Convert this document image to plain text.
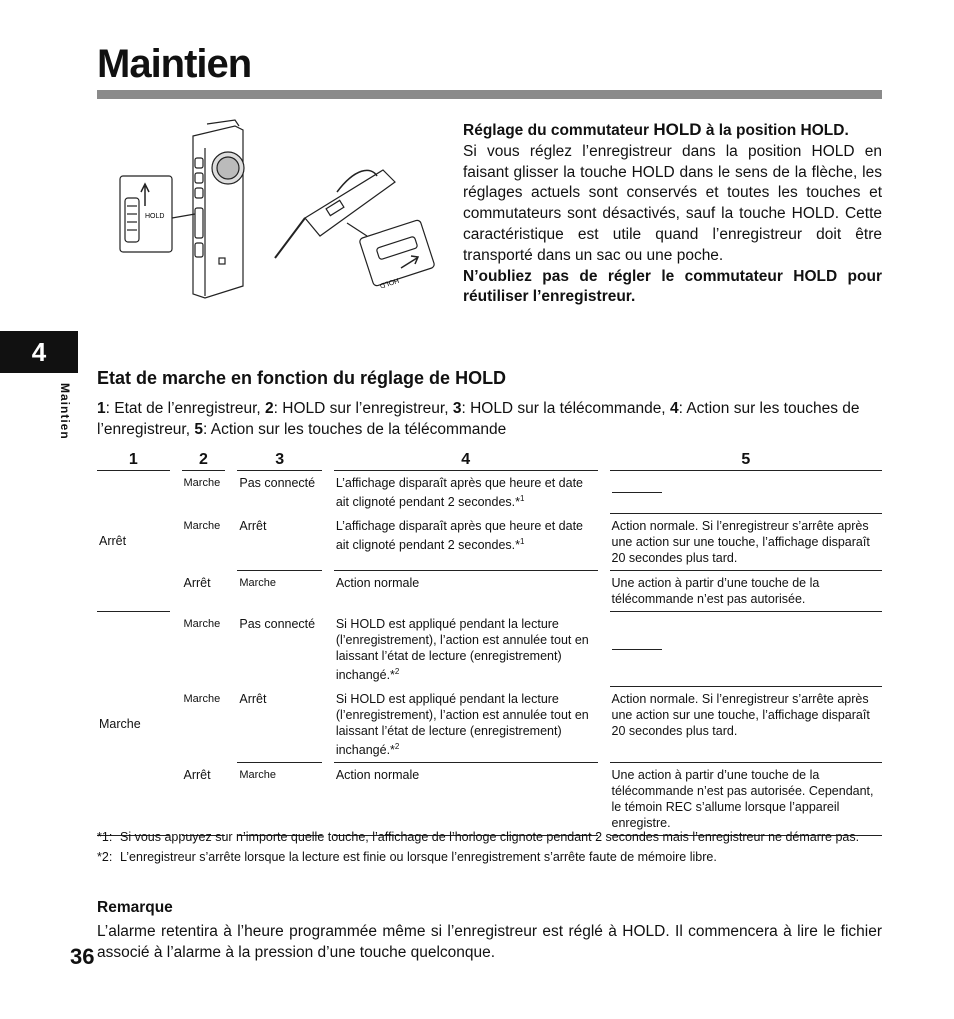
Maintien
4
Maintien
HOLD
HOLD
Réglage du commutateur HOLD à la position HOLD.
Si vous réglez l’enregistreur dans la position HOLD en faisant glisser la touche HOLD dans le sens de la flèche, les réglages actuels sont conservés et toutes les touches et commutateurs sont désactivés, sauf la touche HOLD. Cette caractéristique est utile quand l’enregistreur doit être transporté dans un sac ou une poche.
N’oubliez pas de régler le commutateur HOLD pour réutiliser l’enregistreur.
Etat de marche en fonction du réglage de HOLD
1: Etat de l’enregistreur, 2: HOLD sur l’enregistreur, 3: HOLD sur la télécommande, 4: Action sur les touches de l’enregistreur, 5: Action sur les touches de la télécommande
1		2		3		4		5
Arrêt		Marche		Pas connecté		L’affichage disparaît après que heure et date ait clignoté pendant 2 secondes.*$^1$		
		Marche		Arrêt		L’affichage disparaît après que heure et date ait clignoté pendant 2 secondes.*$^1$		Action normale. Si l’enregistreur s’arrête après une action sur une touche, l’affichage disparaît 20 secondes plus tard.
		Arrêt		Marche		Action normale		Une action à partir d’une touche de la télécommande n’est pas autorisée.
Marche		Marche		Pas connecté		Si HOLD est appliqué pendant la lecture (l’enregistrement), l’action est annulée tout en laissant l’état de lecture (enregistrement) inchangé.*$^2$		
		Marche		Arrêt		Si HOLD est appliqué pendant la lecture (l’enregistrement), l’action est annulée tout en laissant l’état de lecture (enregistrement) inchangé.*$^2$		Action normale. Si l’enregistreur s’arrête après une action sur une touche, l’affichage disparaît 20 secondes plus tard.
		Arrêt		Marche		Action normale		Une action à partir d’une touche de la télécommande n’est pas autorisée. Cependant, le témoin REC s’allume lorsque l’appareil enregistre.
*1: Si vous appuyez sur n’importe quelle touche, l’affichage de l’horloge clignote pendant 2 secondes mais l’enregistreur ne démarre pas.
*2: L’enregistreur s’arrête lorsque la lecture est finie ou lorsque l’enregistrement s’arrête faute de mémoire libre.
Remarque
L’alarme retentira à l’heure programmée même si l’enregistreur est réglé à HOLD. Il commencera à lire le fichier associé à l’alarme à la pression d’une touche quelconque.
36
